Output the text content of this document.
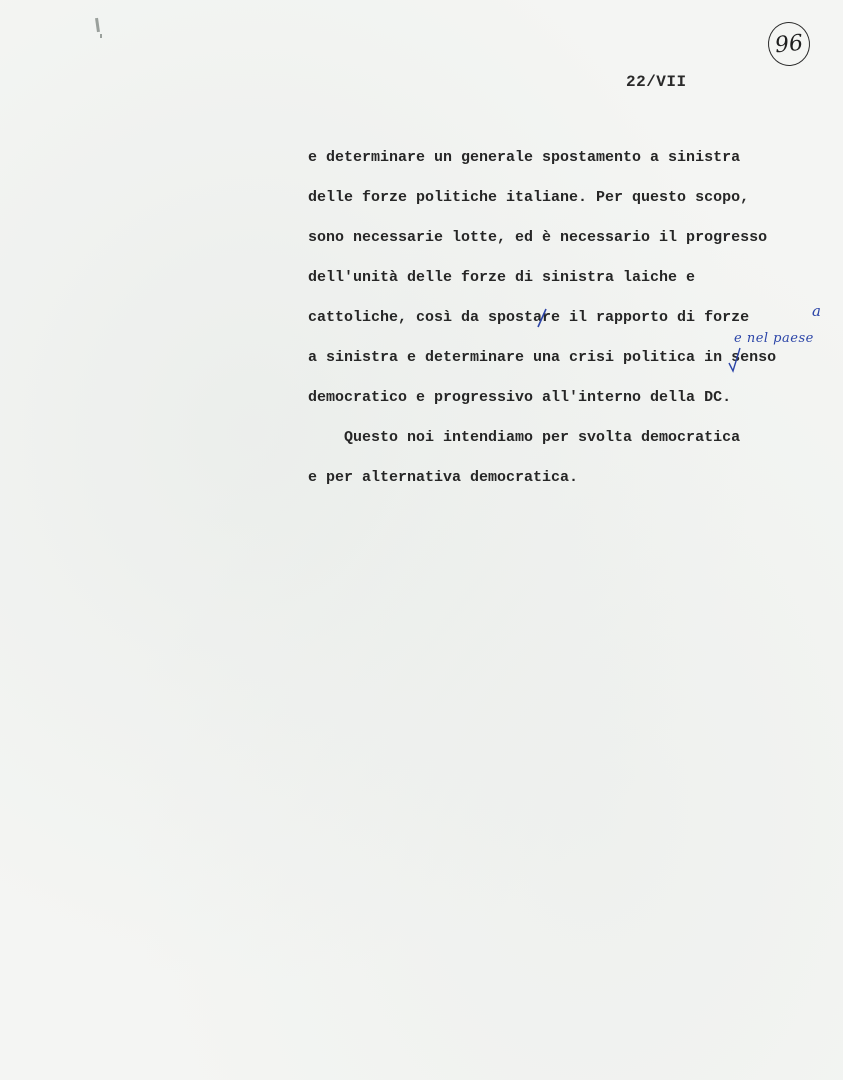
96
22/VII
e determinare un generale spostamento a sinistra
delle forze politiche italiane. Per questo scopo,
sono necessarie lotte, ed è necessario il progresso
dell'unità delle forze di sinistra laiche e
cattoliche, così da spostare il rapporto di forze
a sinistra e determinare una crisi politica in senso
democratico e progressivo all'interno della DC.
Questo noi intendiamo per svolta democratica
e per alternativa democratica.
a
e nel paese
